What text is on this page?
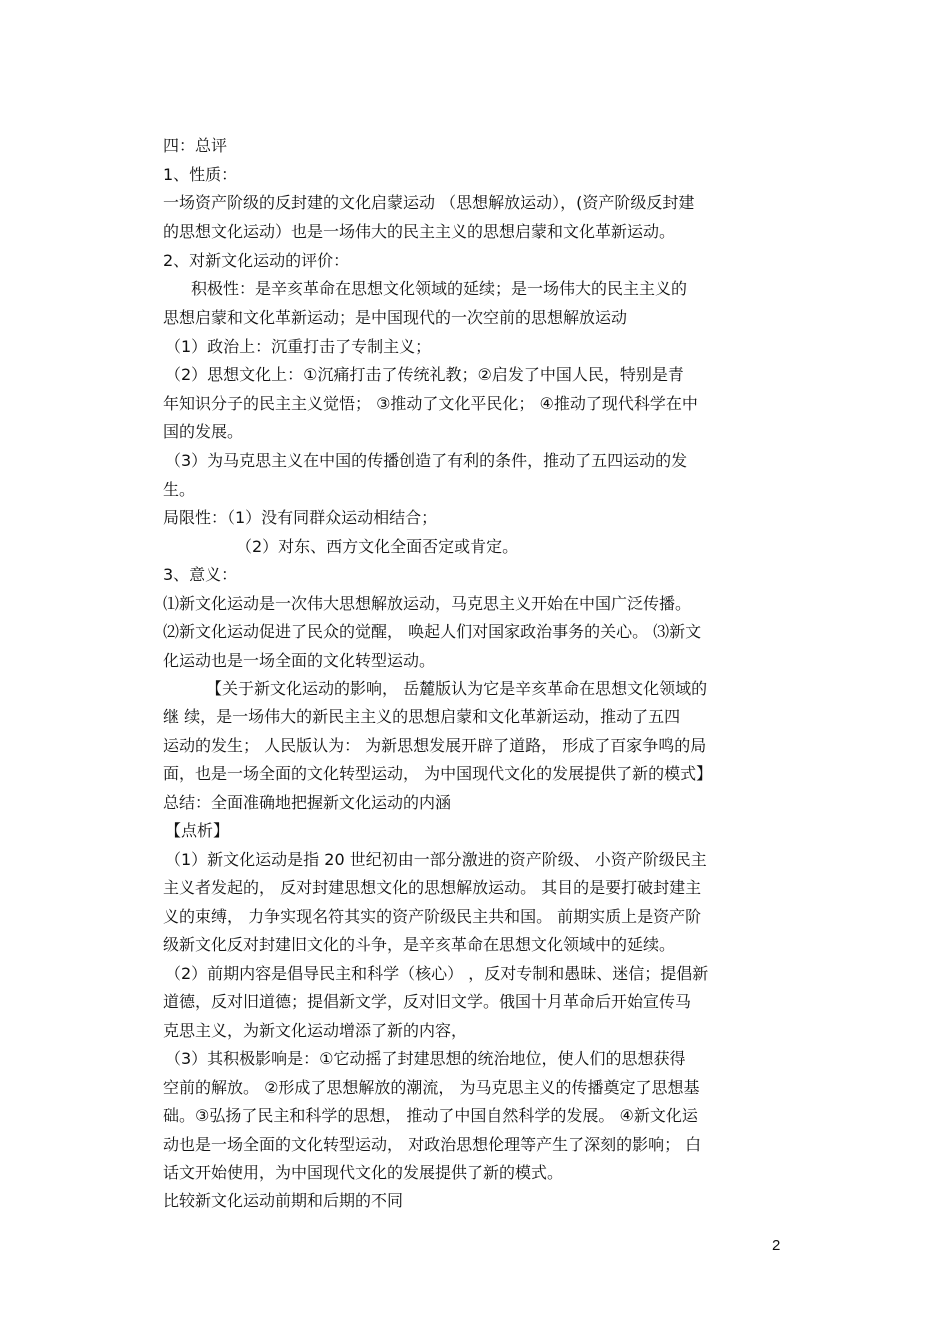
四：总评
1、性质：
一场资产阶级的反封建的文化启蒙运动 （思想解放运动），(资产阶级反封建
的思想文化运动）也是一场伟大的民主主义的思想启蒙和文化革新运动。
2、对新文化运动的评价：
积极性：是辛亥革命在思想文化领域的延续；是一场伟大的民主主义的
思想启蒙和文化革新运动；是中国现代的一次空前的思想解放运动
（1）政治上：沉重打击了专制主义；
（2）思想文化上：①沉痛打击了传统礼教；②启发了中国人民，特别是青
年知识分子的民主主义觉悟； ③推动了文化平民化； ④推动了现代科学在中
国的发展。
（3）为马克思主义在中国的传播创造了有利的条件，推动了五四运动的发
生。
局限性：（1）没有同群众运动相结合；
（2）对东、西方文化全面否定或肯定。
3、意义：
⑴新文化运动是一次伟大思想解放运动，马克思主义开始在中国广泛传播。
⑵新文化运动促进了民众的觉醒， 唤起人们对国家政治事务的关心。 ⑶新文
化运动也是一场全面的文化转型运动。
【关于新文化运动的影响， 岳麓版认为它是辛亥革命在思想文化领域的
继 续，是一场伟大的新民主主义的思想启蒙和文化革新运动，推动了五四
运动的发生； 人民版认为： 为新思想发展开辟了道路， 形成了百家争鸣的局
面，也是一场全面的文化转型运动， 为中国现代文化的发展提供了新的模式】
总结：全面准确地把握新文化运动的内涵
【点析】
（1）新文化运动是指 20 世纪初由一部分激进的资产阶级、 小资产阶级民主
主义者发起的， 反对封建思想文化的思想解放运动。 其目的是要打破封建主
义的束缚， 力争实现名符其实的资产阶级民主共和国。 前期实质上是资产阶
级新文化反对封建旧文化的斗争，是辛亥革命在思想文化领域中的延续。
（2）前期内容是倡导民主和科学（核心） ，反对专制和愚昧、迷信；提倡新
道德，反对旧道德；提倡新文学，反对旧文学。俄国十月革命后开始宣传马
克思主义，为新文化运动增添了新的内容，
（3）其积极影响是：①它动摇了封建思想的统治地位，使人们的思想获得
空前的解放。 ②形成了思想解放的潮流， 为马克思主义的传播奠定了思想基
础。③弘扬了民主和科学的思想， 推动了中国自然科学的发展。 ④新文化运
动也是一场全面的文化转型运动， 对政治思想伦理等产生了深刻的影响； 白
话文开始使用，为中国现代文化的发展提供了新的模式。
比较新文化运动前期和后期的不同
2
